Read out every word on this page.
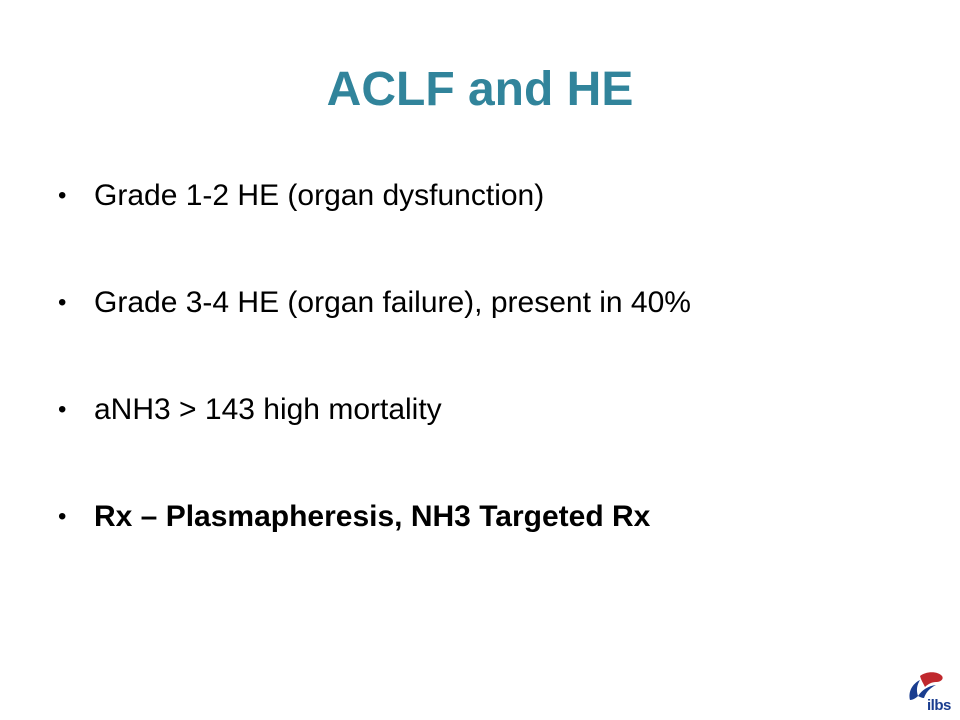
ACLF and HE
• Grade 1-2 HE (organ dysfunction)
• Grade 3-4 HE (organ failure), present in 40%
• aNH3 > 143 high mortality
• Rx – Plasmapheresis, NH3 Targeted Rx
ilbs
